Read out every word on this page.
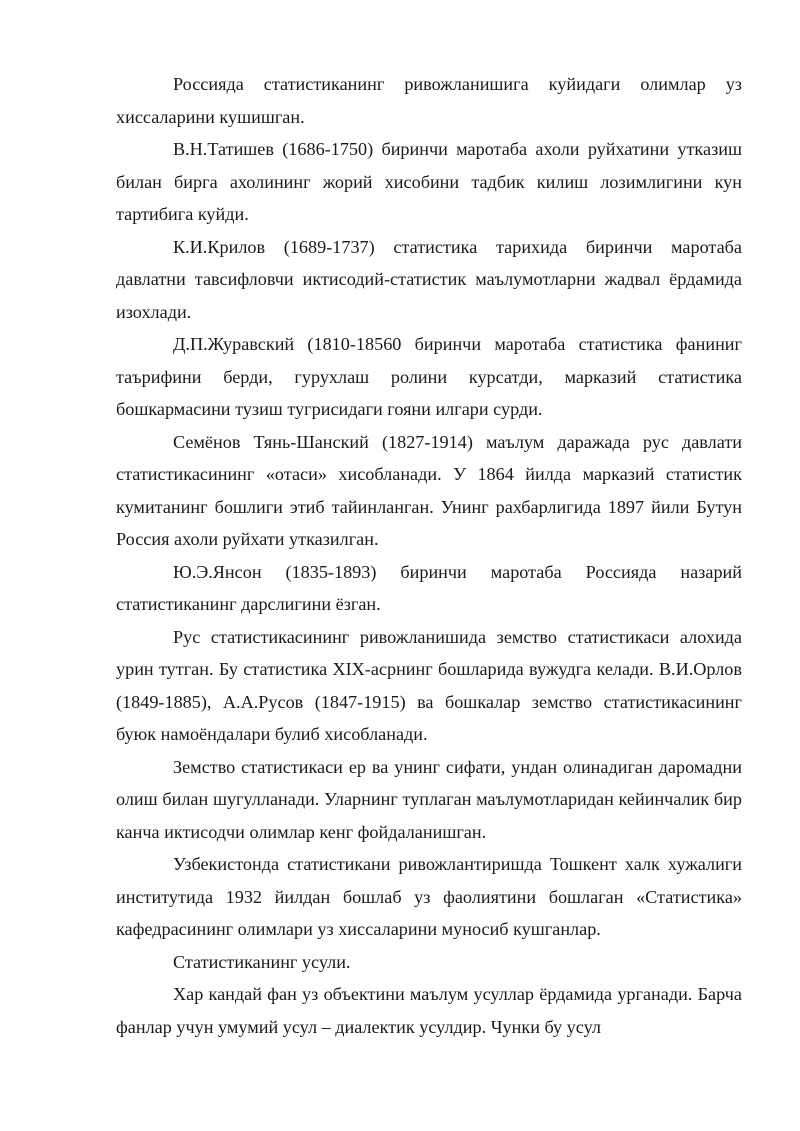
Россияда статистиканинг ривожланишига куйидаги олимлар уз хиссаларини кушишган.

В.Н.Татишев (1686-1750) биринчи маротаба ахоли руйхатини утказиш билан бирга ахолининг жорий хисобини тадбик килиш лозимлигини кун тартибига куйди.

К.И.Крилов (1689-1737) статистика тарихида биринчи маротаба давлатни тавсифловчи иктисодий-статистик маълумотларни жадвал ёрдамида изохлади.

Д.П.Журавский (1810-18560 биринчи маротаба статистика фаниниг таърифини берди, гурухлаш ролини курсатди, марказий статистика бошкармасини тузиш тугрисидаги гояни илгари сурди.

Семёнов Тянь-Шанский (1827-1914) маълум даражада рус давлати статистикасининг «отаси» хисобланади. У 1864 йилда марказий статистик кумитанинг бошлиги этиб тайинланган. Унинг рахбарлигида 1897 йили Бутун Россия ахоли руйхати утказилган.

Ю.Э.Янсон (1835-1893) биринчи маротаба Россияда назарий статистиканинг дарслигини ёзган.

Рус статистикасининг ривожланишида земство статистикаси алохида урин тутган. Бу статистика XIX-асрнинг бошларида вужудга келади. В.И.Орлов (1849-1885), А.А.Русов (1847-1915) ва бошкалар земство статистикасининг буюк намоёндалари булиб хисобланади.

Земство статистикаси ер ва унинг сифати, ундан олинадиган даромадни олиш билан шугулланади. Уларнинг туплаган маълумотларидан кейинчалик бир канча иктисодчи олимлар кенг фойдаланишган.

Узбекистонда статистикани ривожлантиришда Тошкент халк хужалиги институтида 1932 йилдан бошлаб уз фаолиятини бошлаган «Статистика» кафедрасининг олимлари уз хиссаларини муносиб кушганлар.

Статистиканинг усули.

Хар кандай фан уз объектини маълум усуллар ёрдамида урганади. Барча фанлар учун умумий усул – диалектик усулдир. Чунки бу усул
